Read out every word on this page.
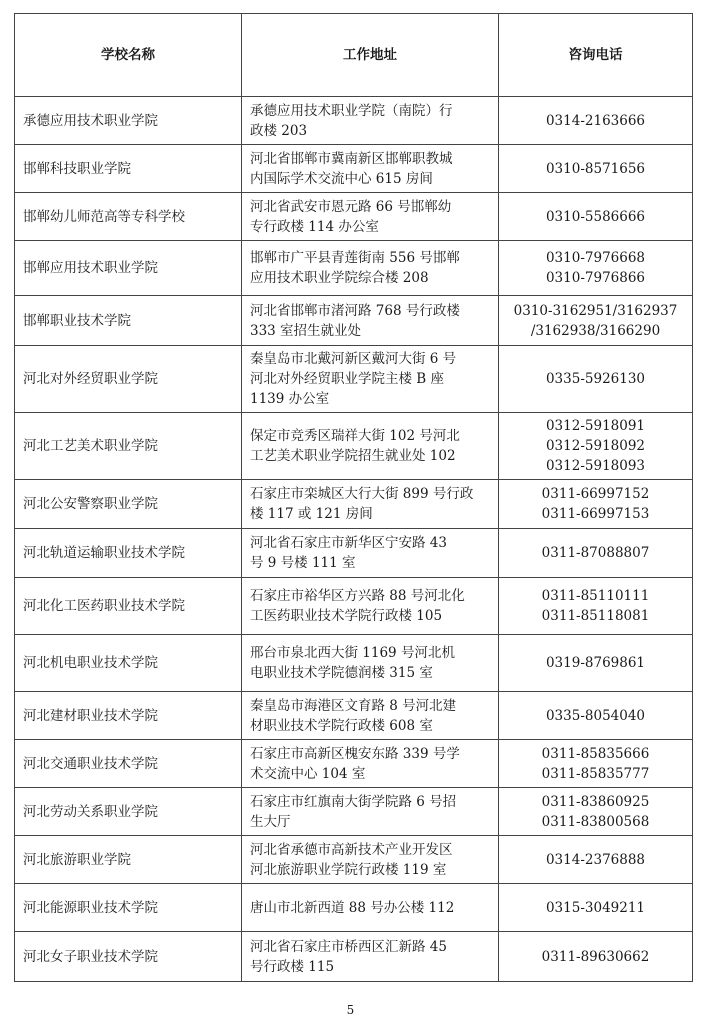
学校名称	工作地址	咨询电话
承德应用技术职业学院	承德应用技术职业学院（南院）行
政楼 203	0314-2163666

邯郸科技职业学院	河北省邯郸市冀南新区邯郸职教城
内国际学术交流中心 615 房间	0310-8571656

邯郸幼儿师范高等专科学校	河北省武安市恩元路 66 号邯郸幼
专行政楼 114 办公室	0310-5586666

邯郸应用技术职业学院	邯郸市广平县青莲街南 556 号邯郸
应用技术职业学院综合楼 208	0310-7976668
0310-7976866

邯郸职业技术学院	河北省邯郸市渚河路 768 号行政楼
333 室招生就业处	0310-3162951/3162937
/3162938/3166290

河北对外经贸职业学院	秦皇岛市北戴河新区戴河大街 6 号
河北对外经贸职业学院主楼 B 座
1139 办公室	0335-5926130

河北工艺美术职业学院	保定市竞秀区瑞祥大街 102 号河北
工艺美术职业学院招生就业处 102	0312-5918091
0312-5918092
0312-5918093

河北公安警察职业学院	石家庄市栾城区大行大街 899 号行政
楼 117 或 121 房间	0311-66997152
0311-66997153

河北轨道运输职业技术学院	河北省石家庄市新华区宁安路 43
号 9 号楼 111 室	0311-87088807

河北化工医药职业技术学院	石家庄市裕华区方兴路 88 号河北化
工医药职业技术学院行政楼 105	0311-85110111
0311-85118081

河北机电职业技术学院	邢台市泉北西大街 1169 号河北机
电职业技术学院德润楼 315 室	0319-8769861

河北建材职业技术学院	秦皇岛市海港区文育路 8 号河北建
材职业技术学院行政楼 608 室	0335-8054040

河北交通职业技术学院	石家庄市高新区槐安东路 339 号学
术交流中心 104 室	0311-85835666
0311-85835777

河北劳动关系职业学院	石家庄市红旗南大街学院路 6 号招
生大厅	0311-83860925
0311-83800568

河北旅游职业学院	河北省承德市高新技术产业开发区
河北旅游职业学院行政楼 119 室	0314-2376888

河北能源职业技术学院	唐山市北新西道 88 号办公楼 112	0315-3049211

河北女子职业技术学院	河北省石家庄市桥西区汇新路 45
号行政楼 115	0311-89630662
5
